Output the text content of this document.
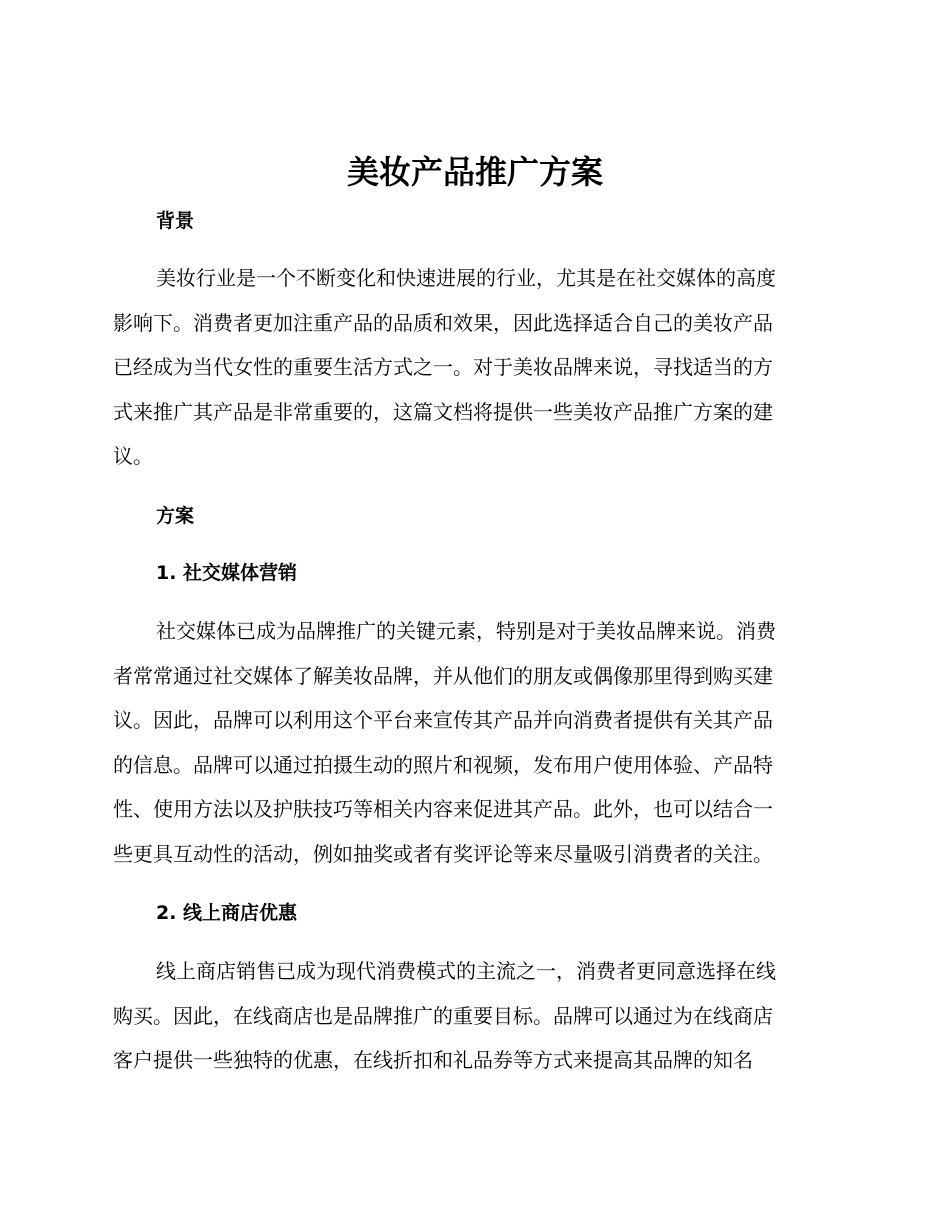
美妆产品推广方案
背景
美妆行业是一个不断变化和快速进展的行业，尤其是在社交媒体的高度
影响下。消费者更加注重产品的品质和效果，因此选择适合自己的美妆产品
已经成为当代女性的重要生活方式之一。对于美妆品牌来说，寻找适当的方
式来推广其产品是非常重要的，这篇文档将提供一些美妆产品推广方案的建
议。
方案
1. 社交媒体营销
社交媒体已成为品牌推广的关键元素，特别是对于美妆品牌来说。消费
者常常通过社交媒体了解美妆品牌，并从他们的朋友或偶像那里得到购买建
议。因此，品牌可以利用这个平台来宣传其产品并向消费者提供有关其产品
的信息。品牌可以通过拍摄生动的照片和视频，发布用户使用体验、产品特
性、使用方法以及护肤技巧等相关内容来促进其产品。此外，也可以结合一
些更具互动性的活动，例如抽奖或者有奖评论等来尽量吸引消费者的关注。
2. 线上商店优惠
线上商店销售已成为现代消费模式的主流之一，消费者更同意选择在线
购买。因此，在线商店也是品牌推广的重要目标。品牌可以通过为在线商店
客户提供一些独特的优惠，在线折扣和礼品券等方式来提高其品牌的知名
